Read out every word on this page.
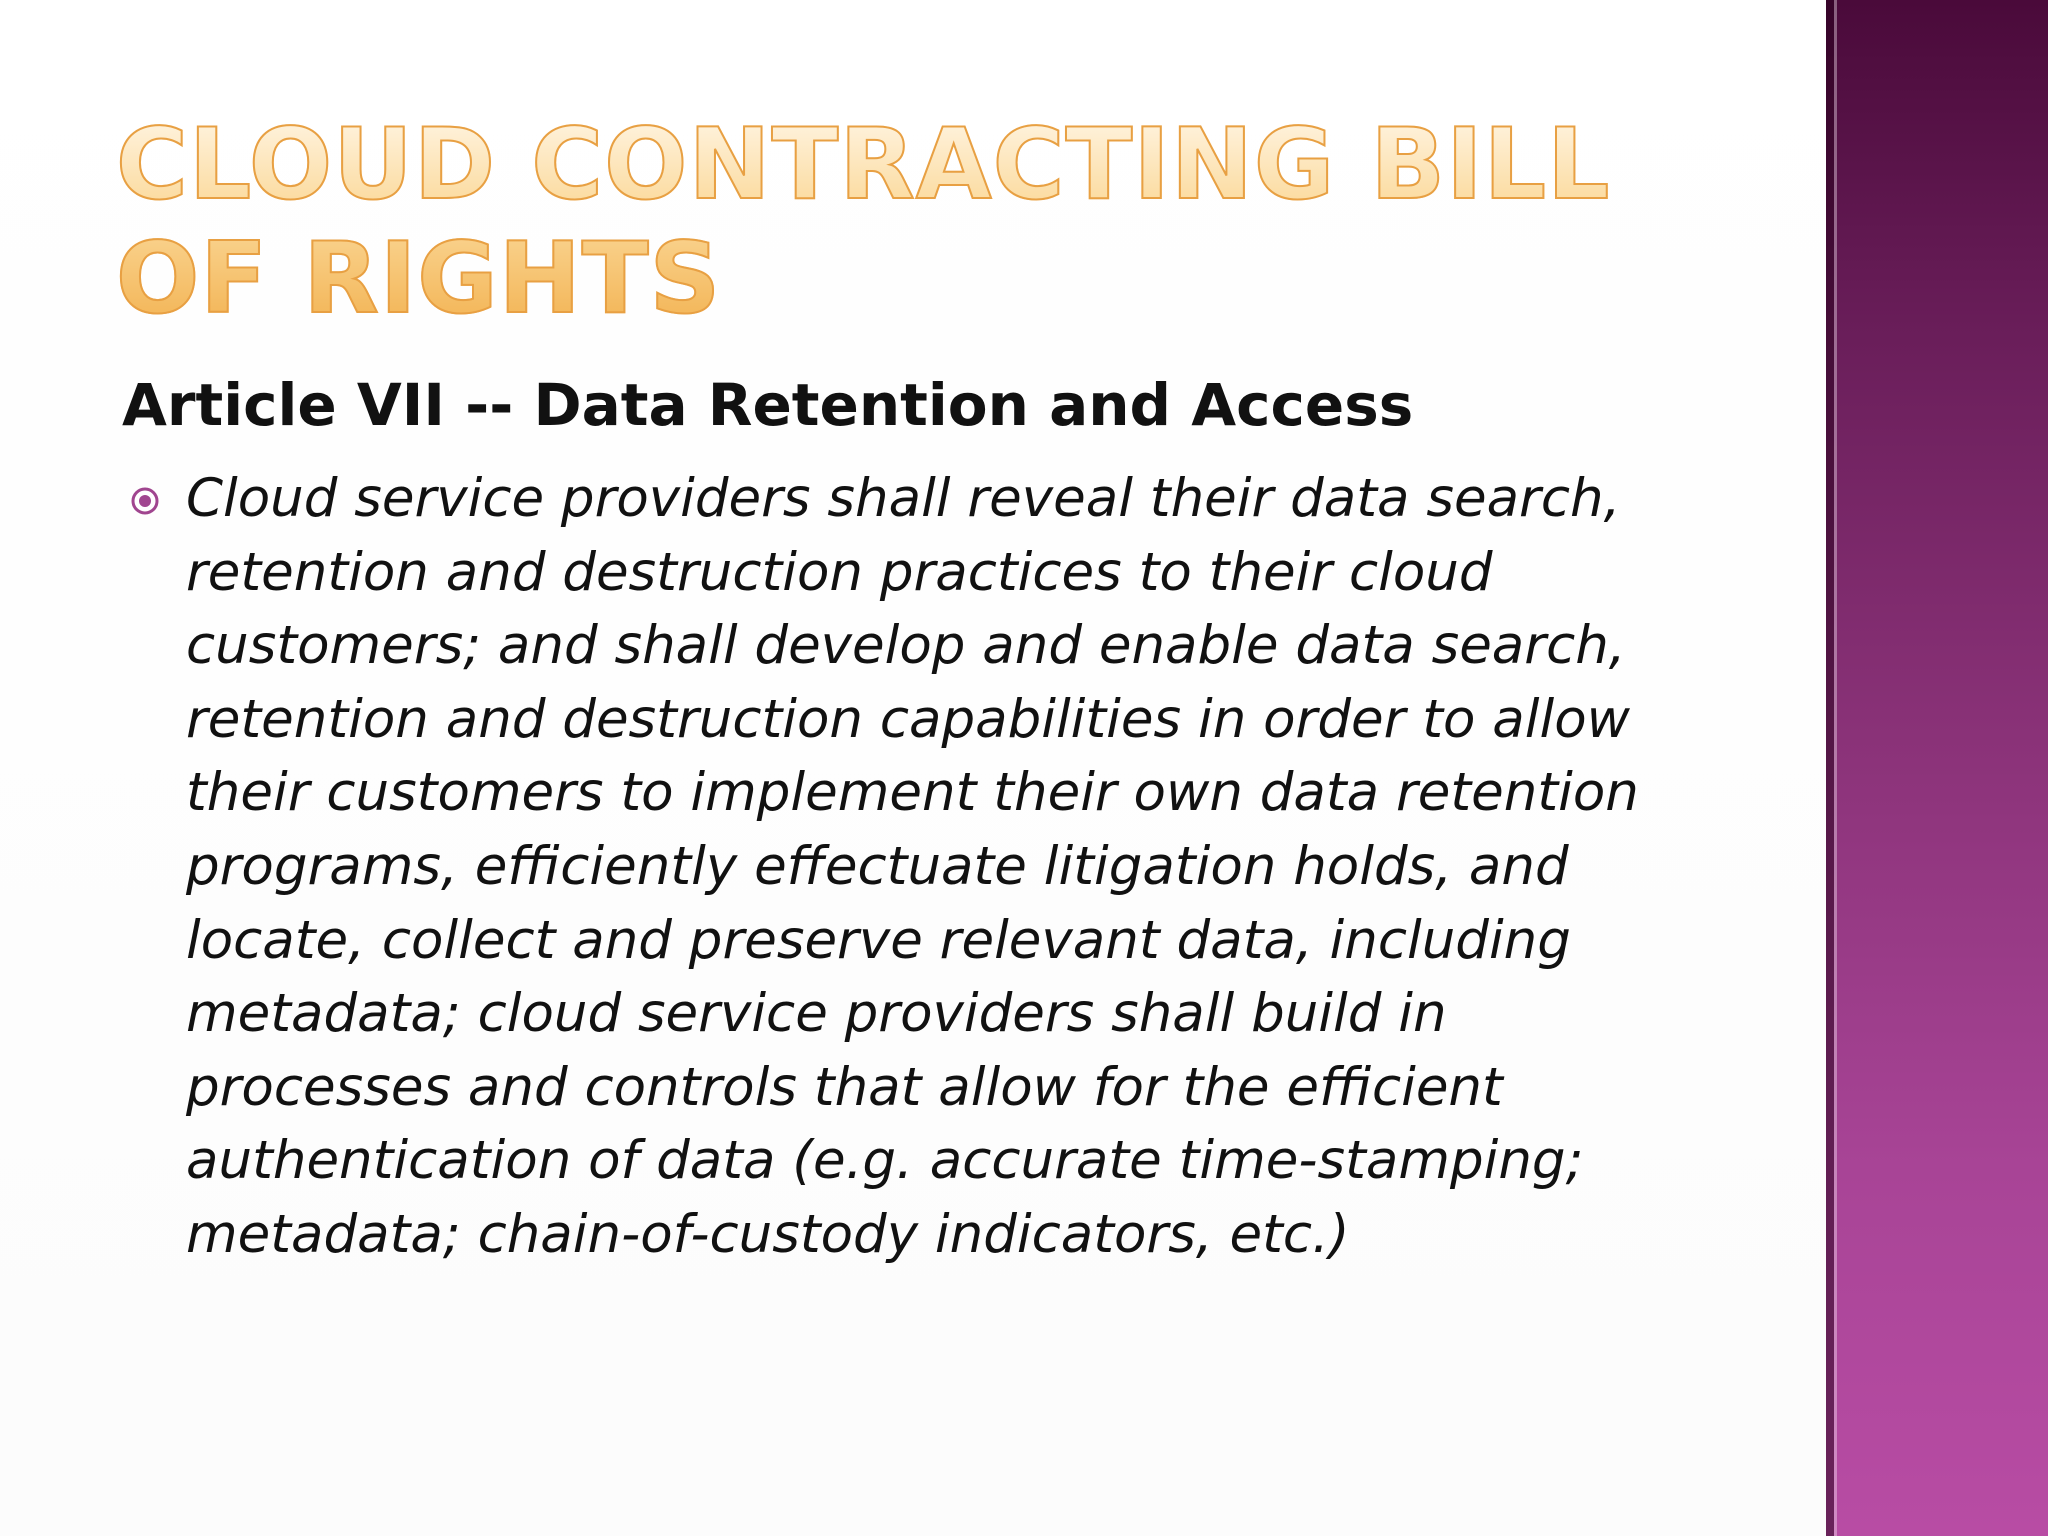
CLOUD CONTRACTING BILL OF RIGHTS
Article VII -- Data Retention and Access

Cloud service providers shall reveal their data search, retention and destruction practices to their cloud customers; and shall develop and enable data search, retention and destruction capabilities in order to allow their customers to implement their own data retention programs, efficiently effectuate litigation holds, and locate, collect and preserve relevant data, including metadata; cloud service providers shall build in processes and controls that allow for the efficient authentication of data (e.g. accurate time-stamping; metadata; chain-of-custody indicators, etc.)
